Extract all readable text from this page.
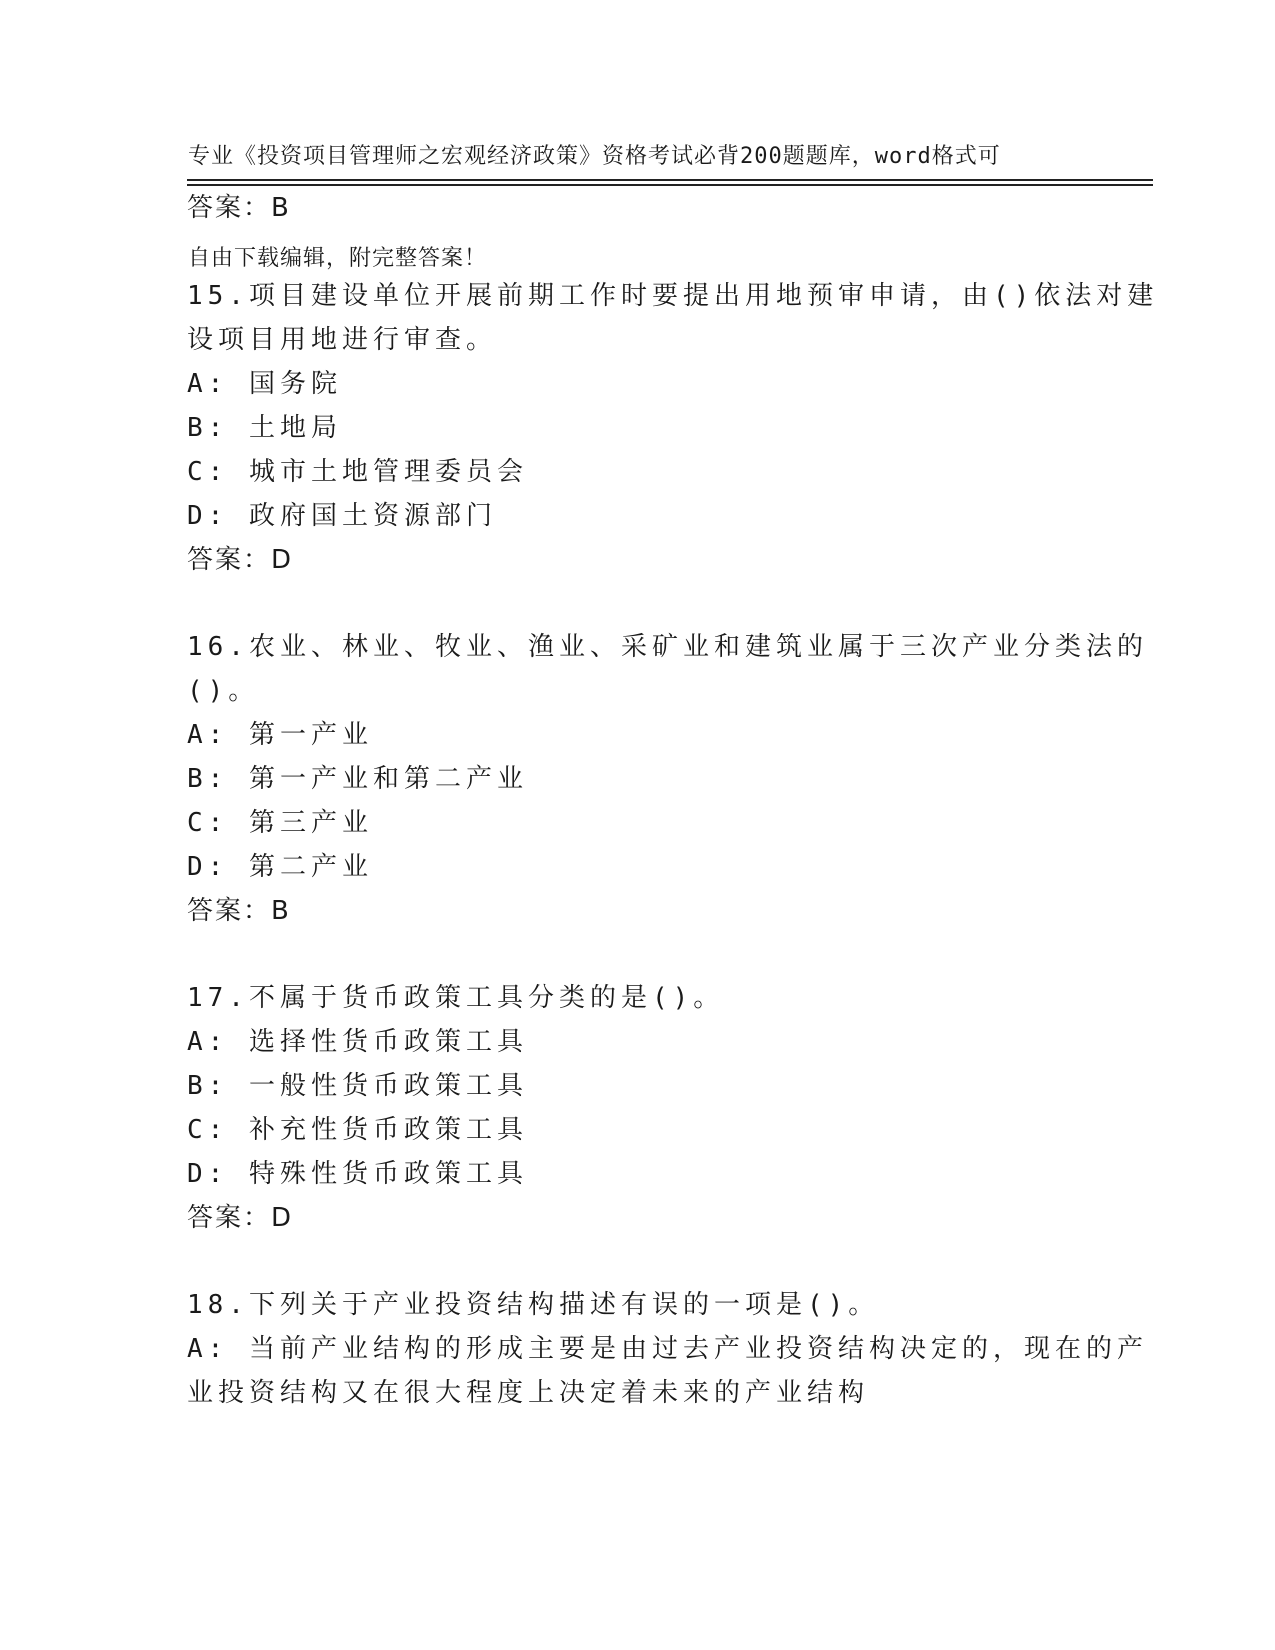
专业《投资项目管理师之宏观经济政策》资格考试必背200题题库，word格式可

自由下载编辑，附完整答案！

答案：B
15.项目建设单位开展前期工作时要提出用地预审申请，由()依法对建
设项目用地进行审查。
A: 国务院
B: 土地局
C: 城市土地管理委员会
D: 政府国土资源部门
答案：D
16.农业、林业、牧业、渔业、采矿业和建筑业属于三次产业分类法的
()。
A: 第一产业
B: 第一产业和第二产业
C: 第三产业
D: 第二产业
答案：B
17.不属于货币政策工具分类的是()。
A: 选择性货币政策工具
B: 一般性货币政策工具
C: 补充性货币政策工具
D: 特殊性货币政策工具
答案：D
18.下列关于产业投资结构描述有误的一项是()。
A: 当前产业结构的形成主要是由过去产业投资结构决定的，现在的产
业投资结构又在很大程度上决定着未来的产业结构
